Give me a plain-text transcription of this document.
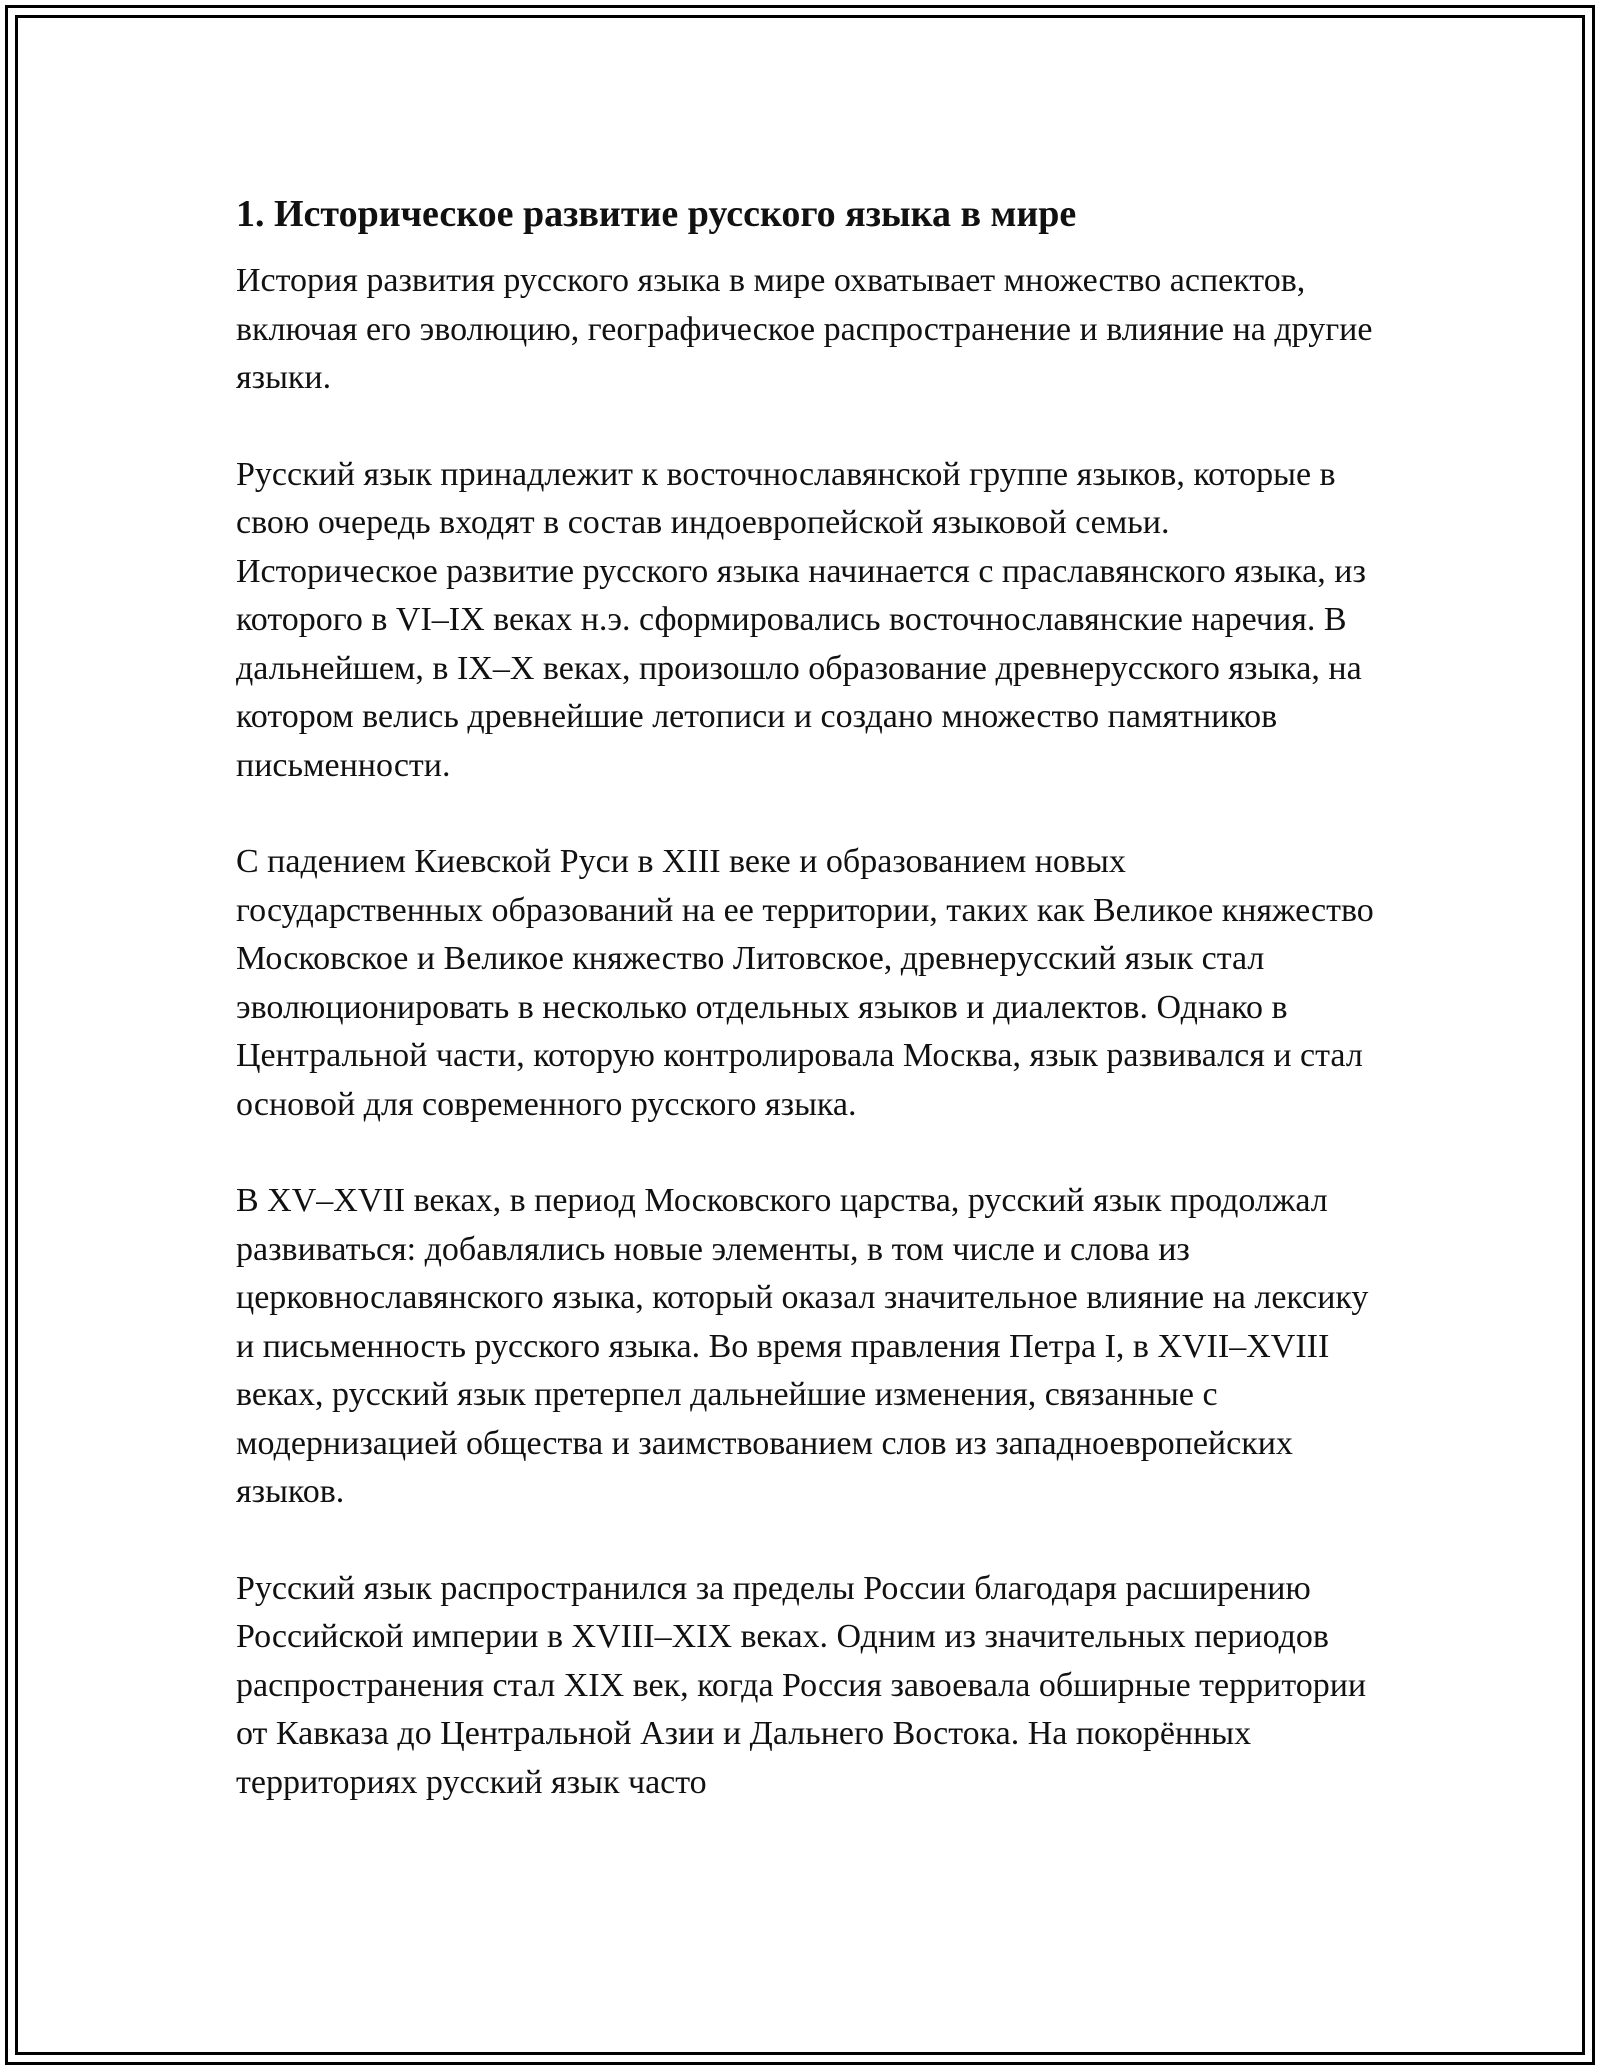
1. Историческое развитие русского языка в мире

История развития русского языка в мире охватывает множество аспектов, включая его эволюцию, географическое распространение и влияние на другие языки.

Русский язык принадлежит к восточнославянской группе языков, которые в свою очередь входят в состав индоевропейской языковой семьи. Историческое развитие русского языка начинается с праславянского языка, из которого в VI–IX веках н.э. сформировались восточнославянские наречия. В дальнейшем, в IX–X веках, произошло образование древнерусского языка, на котором велись древнейшие летописи и создано множество памятников письменности.

С падением Киевской Руси в XIII веке и образованием новых государственных образований на ее территории, таких как Великое княжество Московское и Великое княжество Литовское, древнерусский язык стал эволюционировать в несколько отдельных языков и диалектов. Однако в Центральной части, которую контролировала Москва, язык развивался и стал основой для современного русского языка.

В XV–XVII веках, в период Московского царства, русский язык продолжал развиваться: добавлялись новые элементы, в том числе и слова из церковнославянского языка, который оказал значительное влияние на лексику и письменность русского языка. Во время правления Петра I, в XVII–XVIII веках, русский язык претерпел дальнейшие изменения, связанные с модернизацией общества и заимствованием слов из западноевропейских языков.

Русский язык распространился за пределы России благодаря расширению Российской империи в XVIII–XIX веках. Одним из значительных периодов распространения стал XIX век, когда Россия завоевала обширные территории от Кавказа до Центральной Азии и Дальнего Востока. На покорённых территориях русский язык часто
